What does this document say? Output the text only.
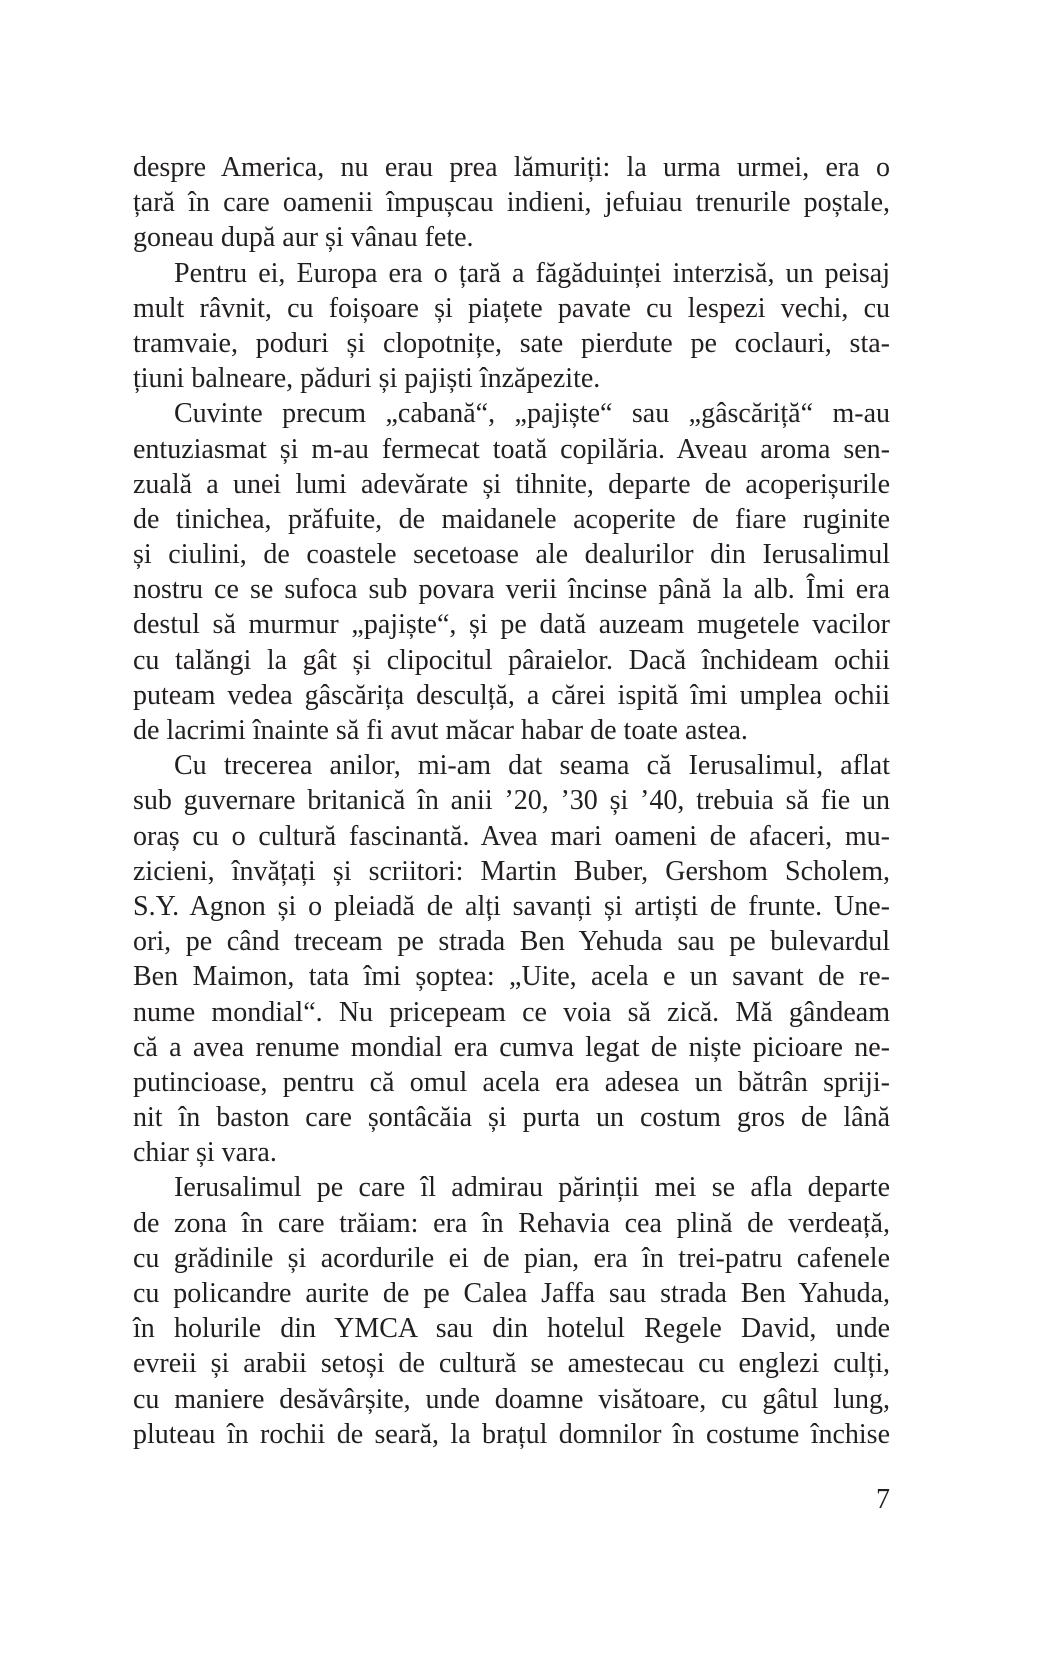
despre America, nu erau prea lămuriți: la urma urmei, era o
țară în care oamenii împușcau indieni, jefuiau trenurile poștale,
goneau după aur și vânau fete.
Pentru ei, Europa era o țară a făgăduinței interzisă, un peisaj
mult râvnit, cu foișoare și piațete pavate cu lespezi vechi, cu
tramvaie, poduri și clopotnițe, sate pierdute pe coclauri, sta-
țiuni balneare, păduri și pajiști înzăpezite.
Cuvinte precum „cabană“, „pajiște“ sau „gâscăriță“ m-au
entuziasmat și m-au fermecat toată copilăria. Aveau aroma sen-
zuală a unei lumi adevărate și tihnite, departe de acoperișurile
de tinichea, prăfuite, de maidanele acoperite de fiare ruginite
și ciulini, de coastele secetoase ale dealurilor din Ierusalimul
nostru ce se sufoca sub povara verii încinse până la alb. Îmi era
destul să murmur „pajiște“, și pe dată auzeam mugetele vacilor
cu talăngi la gât și clipocitul pâraielor. Dacă închideam ochii
puteam vedea gâscărița desculță, a cărei ispită îmi umplea ochii
de lacrimi înainte să fi avut măcar habar de toate astea.
Cu trecerea anilor, mi-am dat seama că Ierusalimul, aflat
sub guvernare britanică în anii ’20, ’30 și ’40, trebuia să fie un
oraș cu o cultură fascinantă. Avea mari oameni de afaceri, mu-
zicieni, învățați și scriitori: Martin Buber, Gershom Scholem,
S.Y. Agnon și o pleiadă de alți savanți și artiști de frunte. Une-
ori, pe când treceam pe strada Ben Yehuda sau pe bulevardul
Ben Maimon, tata îmi șoptea: „Uite, acela e un savant de re-
nume mondial“. Nu pricepeam ce voia să zică. Mă gândeam
că a avea renume mondial era cumva legat de niște picioare ne-
putincioase, pentru că omul acela era adesea un bătrân spriji-
nit în baston care șontâcăia și purta un costum gros de lână
chiar și vara.
Ierusalimul pe care îl admirau părinții mei se afla departe
de zona în care trăiam: era în Rehavia cea plină de verdeață,
cu grădinile și acordurile ei de pian, era în trei-patru cafenele
cu policandre aurite de pe Calea Jaffa sau strada Ben Yahuda,
în holurile din YMCA sau din hotelul Regele David, unde
evreii și arabii setoși de cultură se amestecau cu englezi culți,
cu maniere desăvârșite, unde doamne visătoare, cu gâtul lung,
pluteau în rochii de seară, la brațul domnilor în costume închise
7
